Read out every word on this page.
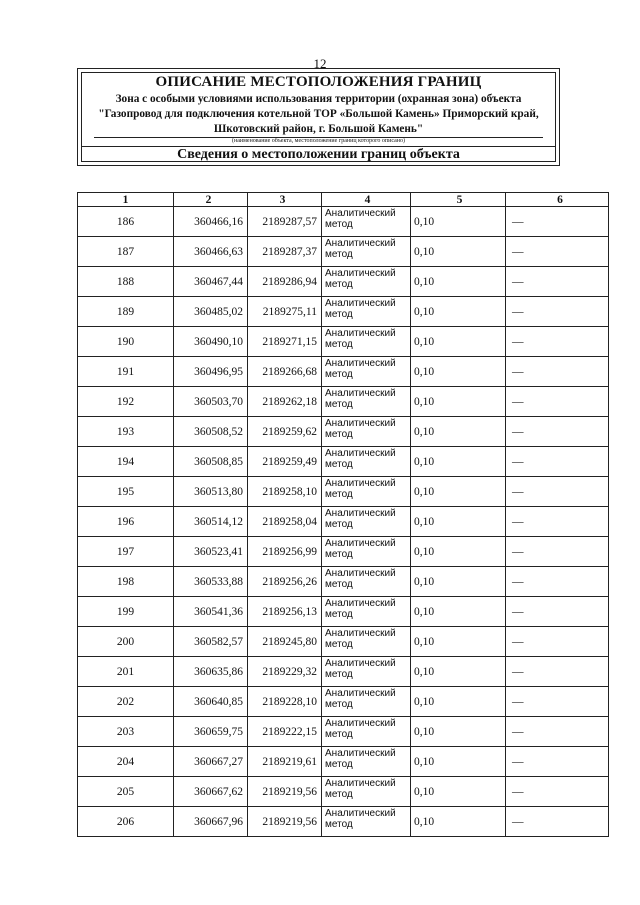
12
ОПИСАНИЕ МЕСТОПОЛОЖЕНИЯ ГРАНИЦ
Зона с особыми условиями использования территории (охранная зона) объекта
"Газопровод для подключения котельной ТОР «Большой Камень» Приморский край,
Шкотовский район, г. Большой Камень"
(наименование объекта, местоположение границ которого описано)
Сведения о местоположении границ объекта
1	2	3	4	5	6
186	360466,16	2189287,57	Аналитический метод	0,10	—
187	360466,63	2189287,37	Аналитический метод	0,10	—
188	360467,44	2189286,94	Аналитический метод	0,10	—
189	360485,02	2189275,11	Аналитический метод	0,10	—
190	360490,10	2189271,15	Аналитический метод	0,10	—
191	360496,95	2189266,68	Аналитический метод	0,10	—
192	360503,70	2189262,18	Аналитический метод	0,10	—
193	360508,52	2189259,62	Аналитический метод	0,10	—
194	360508,85	2189259,49	Аналитический метод	0,10	—
195	360513,80	2189258,10	Аналитический метод	0,10	—
196	360514,12	2189258,04	Аналитический метод	0,10	—
197	360523,41	2189256,99	Аналитический метод	0,10	—
198	360533,88	2189256,26	Аналитический метод	0,10	—
199	360541,36	2189256,13	Аналитический метод	0,10	—
200	360582,57	2189245,80	Аналитический метод	0,10	—
201	360635,86	2189229,32	Аналитический метод	0,10	—
202	360640,85	2189228,10	Аналитический метод	0,10	—
203	360659,75	2189222,15	Аналитический метод	0,10	—
204	360667,27	2189219,61	Аналитический метод	0,10	—
205	360667,62	2189219,56	Аналитический метод	0,10	—
206	360667,96	2189219,56	Аналитический метод	0,10	—
